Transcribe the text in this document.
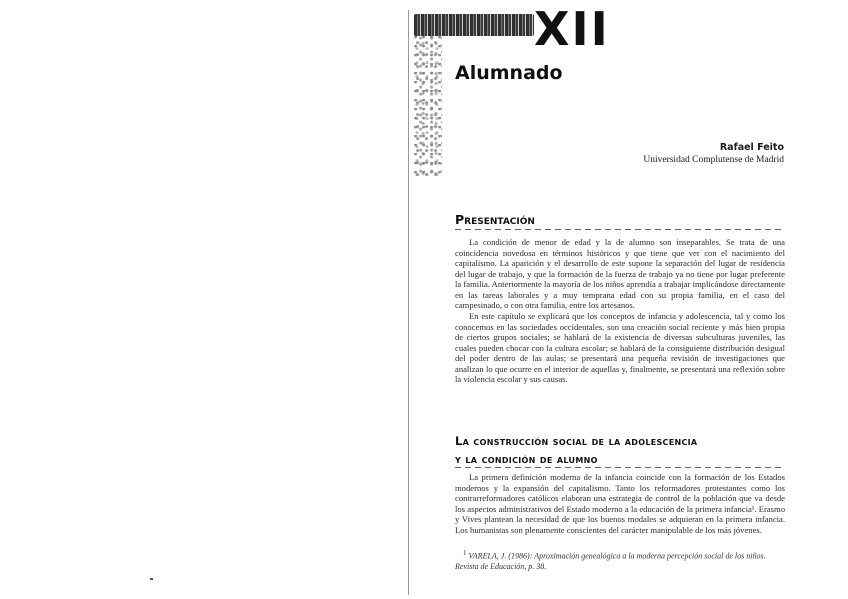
XII
Alumnado
Rafael Feito
Universidad Complutense de Madrid
Presentación

La condición de menor de edad y la de alumno son inseparables. Se trata de una coincidencia novedosa en términos históricos y que tiene que ver con el nacimiento del capitalismo. La aparición y el desarrollo de este supone la separación del lugar de residencia del lugar de trabajo, y que la formación de la fuerza de trabajo ya no tiene por lugar preferente la familia. Anteriormente la mayoría de los niños aprendía a trabajar implicándose directamente en las tareas laborales y a muy temprana edad con su propia familia, en el caso del campesinado, o con otra familia, entre los artesanos.

En este capítulo se explicará que los conceptos de infancia y adolescencia, tal y como los conocemos en las sociedades occidentales, son una creación social reciente y más bien propia de ciertos grupos sociales; se hablará de la existencia de diversas subculturas juveniles, las cuales pueden chocar con la cultura escolar; se hablará de la consiguiente distribución desigual del poder dentro de las aulas; se presentará una pequeña revisión de investigaciones que analizan lo que ocurre en el interior de aquellas y, finalmente, se presentará una reflexión sobre la violencia escolar y sus causas.

La construcción social de la adolescencia
y la condición de alumno

La primera definición moderna de la infancia coincide con la formación de los Estados modernos y la expansión del capitalismo. Tanto los reformadores protestantes como los contrarreformadores católicos elaboran una estrategia de control de la población que va desde los aspectos administrativos del Estado moderno a la educación de la primera infancia¹. Erasmo y Vives plantean la necesidad de que los buenos modales se adquieran en la primera infancia. Los humanistas son plenamente conscientes del carácter manipulable de los más jóvenes.

$^1$ VARELA, J. (1986): Aproximación genealógica a la moderna percepción social de los niños. Revista de Educación, p. 38.
